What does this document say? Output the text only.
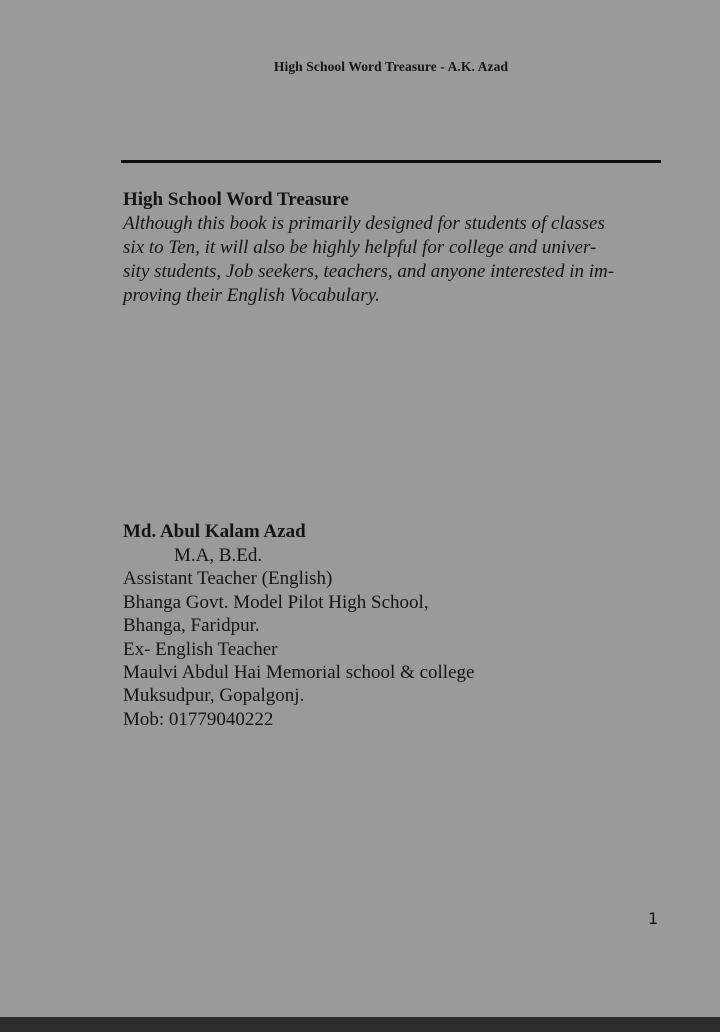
High School Word Treasure - A.K. Azad
High School Word Treasure
Although this book is primarily designed for students of classes
six to Ten, it will also be highly helpful for college and univer-
sity students, Job seekers, teachers, and anyone interested in im-
proving their English Vocabulary.
Md. Abul Kalam Azad
M.A, B.Ed.
Assistant Teacher (English)
Bhanga Govt. Model Pilot High School,
Bhanga, Faridpur.
Ex- English Teacher
Maulvi Abdul Hai Memorial school & college
Muksudpur, Gopalgonj.
Mob: 01779040222
1
